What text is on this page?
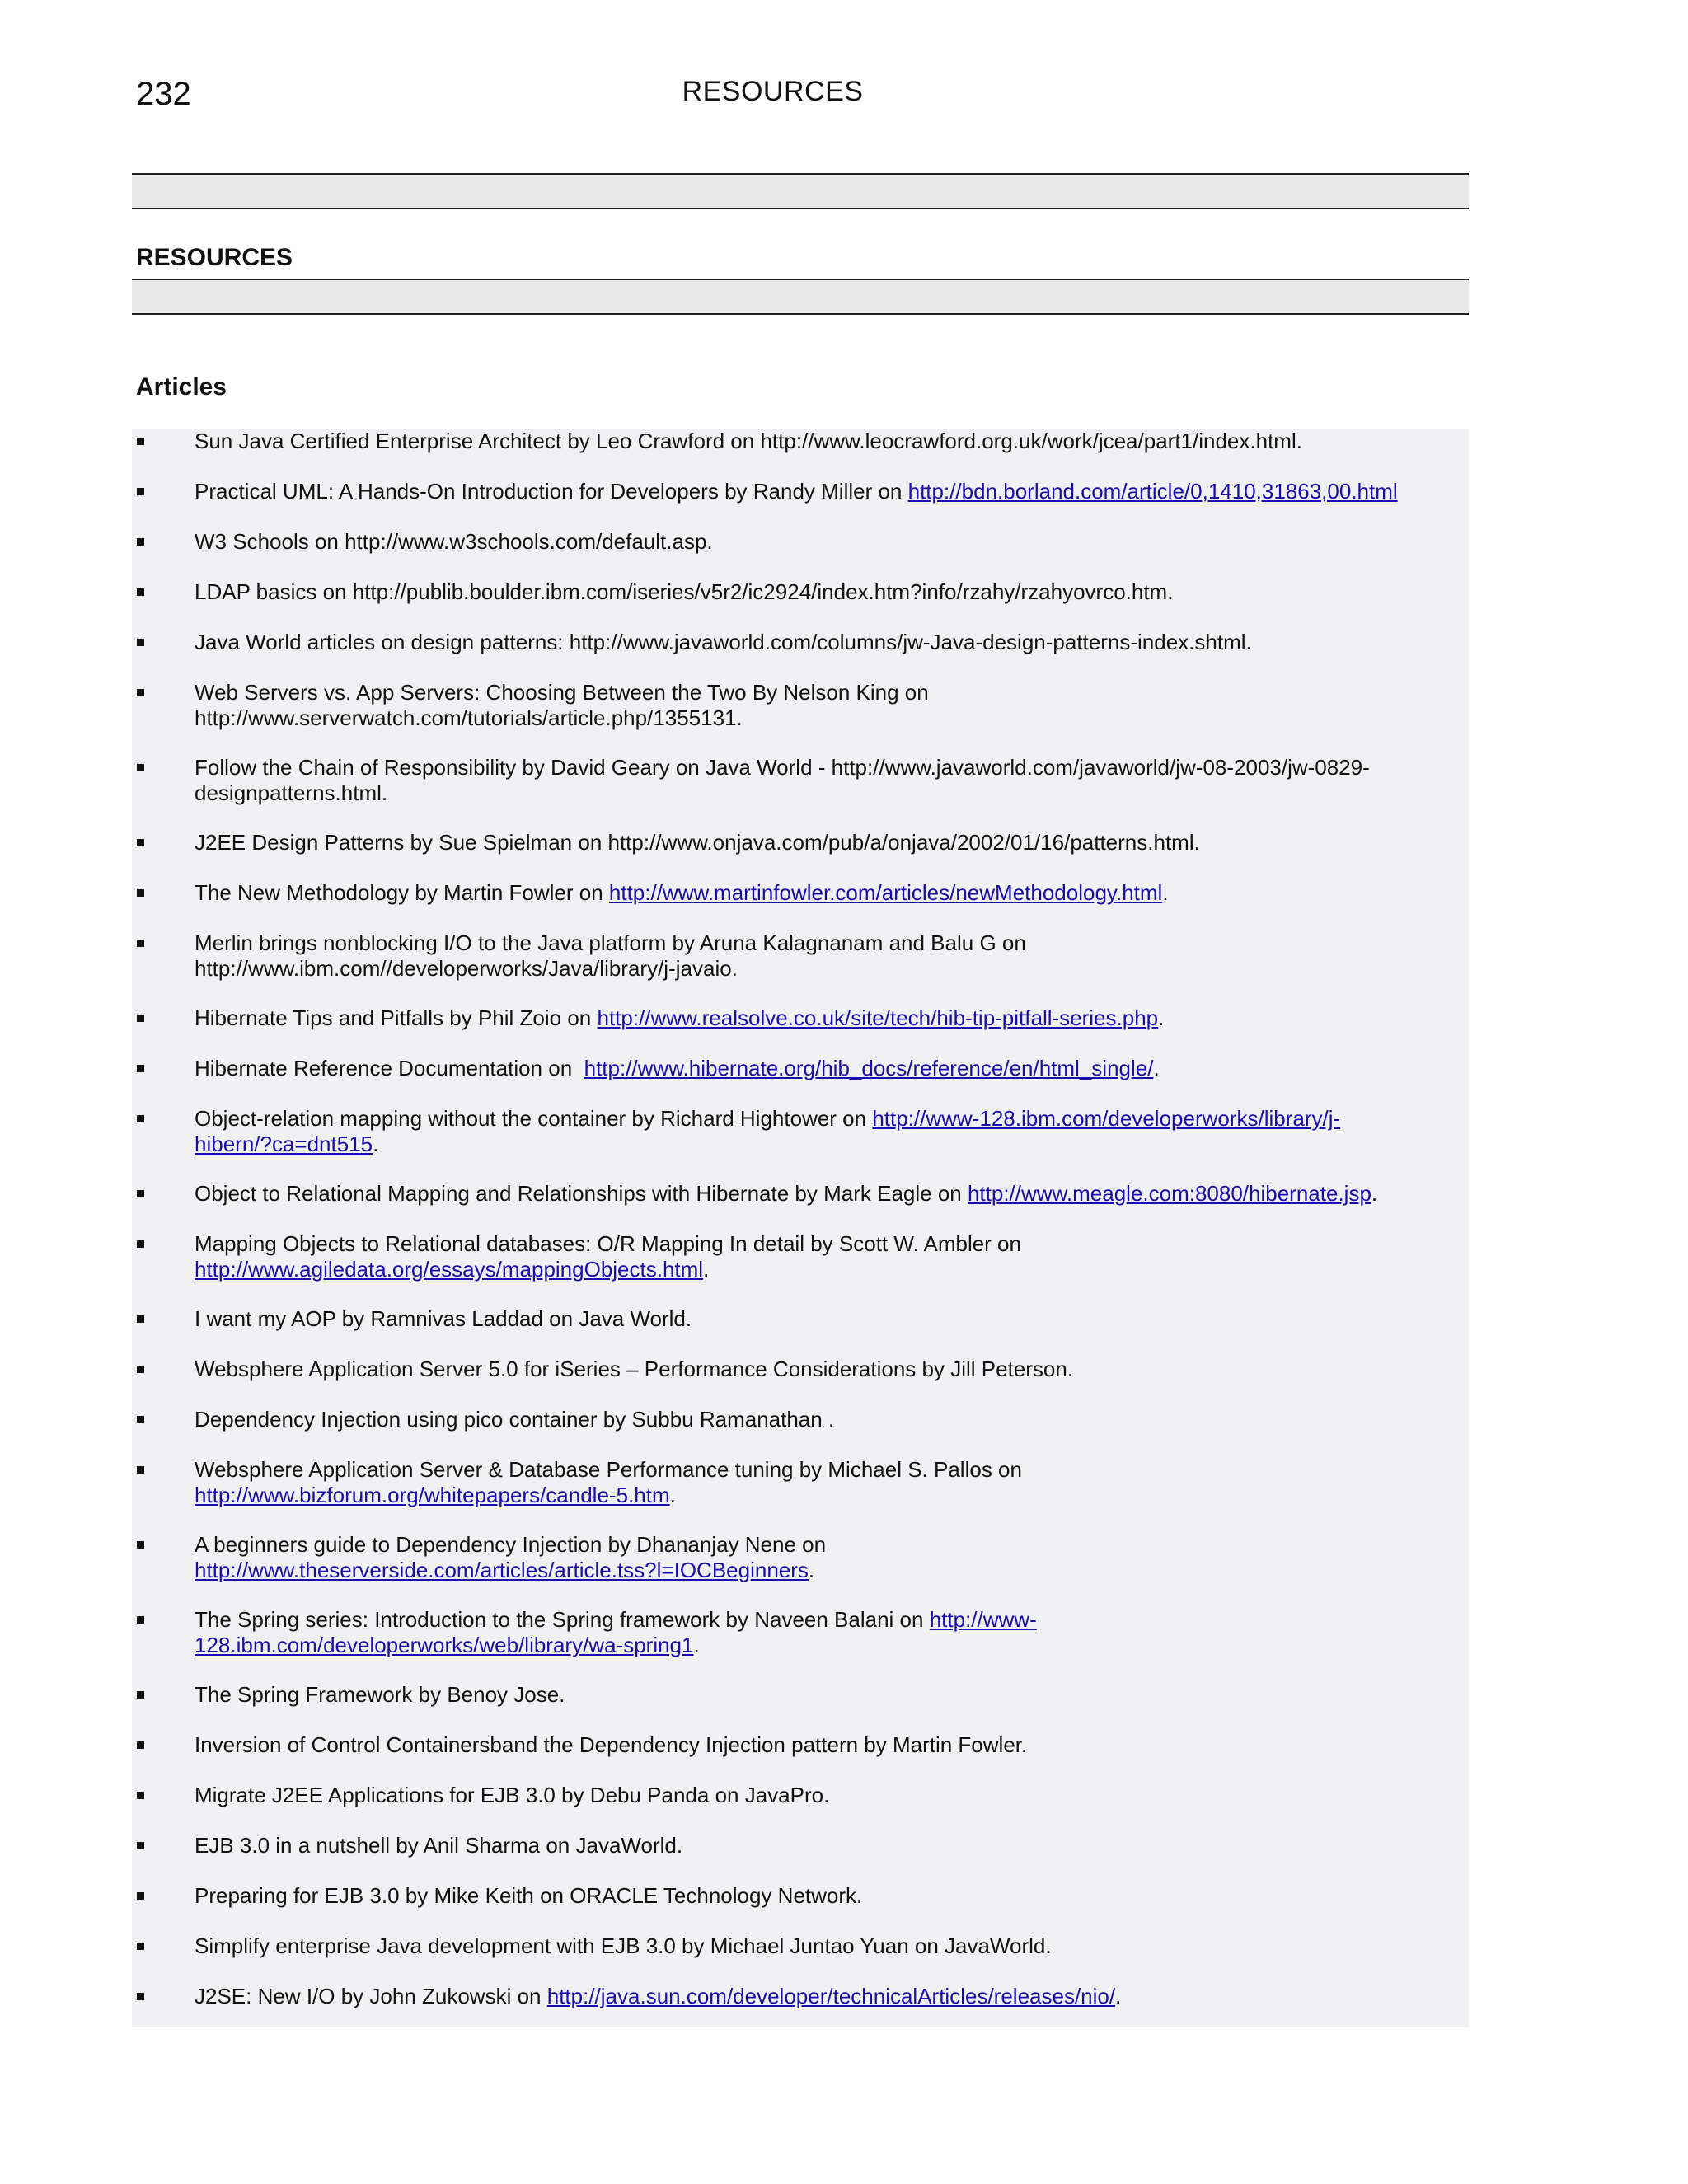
232	RESOURCES
RESOURCES
Articles
Sun Java Certified Enterprise Architect by Leo Crawford on http://www.leocrawford.org.uk/work/jcea/part1/index.html.
Practical UML: A Hands-On Introduction for Developers by Randy Miller on http://bdn.borland.com/article/0,1410,31863,00.html
W3 Schools on http://www.w3schools.com/default.asp.
LDAP basics on http://publib.boulder.ibm.com/iseries/v5r2/ic2924/index.htm?info/rzahy/rzahyovrco.htm.
Java World articles on design patterns: http://www.javaworld.com/columns/jw-Java-design-patterns-index.shtml.
Web Servers vs. App Servers: Choosing Between the Two By Nelson King on http://www.serverwatch.com/tutorials/article.php/1355131.
Follow the Chain of Responsibility by David Geary on Java World - http://www.javaworld.com/javaworld/jw-08-2003/jw-0829-designpatterns.html.
J2EE Design Patterns by Sue Spielman on http://www.onjava.com/pub/a/onjava/2002/01/16/patterns.html.
The New Methodology by Martin Fowler on http://www.martinfowler.com/articles/newMethodology.html.
Merlin brings nonblocking I/O to the Java platform by Aruna Kalagnanam and Balu G on http://www.ibm.com//developerworks/Java/library/j-javaio.
Hibernate Tips and Pitfalls by Phil Zoio on http://www.realsolve.co.uk/site/tech/hib-tip-pitfall-series.php.
Hibernate Reference Documentation on  http://www.hibernate.org/hib_docs/reference/en/html_single/.
Object-relation mapping without the container by Richard Hightower on http://www-128.ibm.com/developerworks/library/j-hibern/?ca=dnt515.
Object to Relational Mapping and Relationships with Hibernate by Mark Eagle on http://www.meagle.com:8080/hibernate.jsp.
Mapping Objects to Relational databases: O/R Mapping In detail by Scott W. Ambler on http://www.agiledata.org/essays/mappingObjects.html.
I want my AOP by Ramnivas Laddad on Java World.
Websphere Application Server 5.0 for iSeries – Performance Considerations by Jill Peterson.
Dependency Injection using pico container by Subbu Ramanathan .
Websphere Application Server & Database Performance tuning by Michael S. Pallos on http://www.bizforum.org/whitepapers/candle-5.htm.
A beginners guide to Dependency Injection by Dhananjay Nene on http://www.theserverside.com/articles/article.tss?l=IOCBeginners.
The Spring series: Introduction to the Spring framework by Naveen Balani on http://www-128.ibm.com/developerworks/web/library/wa-spring1.
The Spring Framework by Benoy Jose.
Inversion of Control Containersband the Dependency Injection pattern by Martin Fowler.
Migrate J2EE Applications for EJB 3.0 by Debu Panda on JavaPro.
EJB 3.0 in a nutshell by Anil Sharma on JavaWorld.
Preparing for EJB 3.0 by Mike Keith on ORACLE Technology Network.
Simplify enterprise Java development with EJB 3.0 by Michael Juntao Yuan on JavaWorld.
J2SE: New I/O by John Zukowski on http://java.sun.com/developer/technicalArticles/releases/nio/.
